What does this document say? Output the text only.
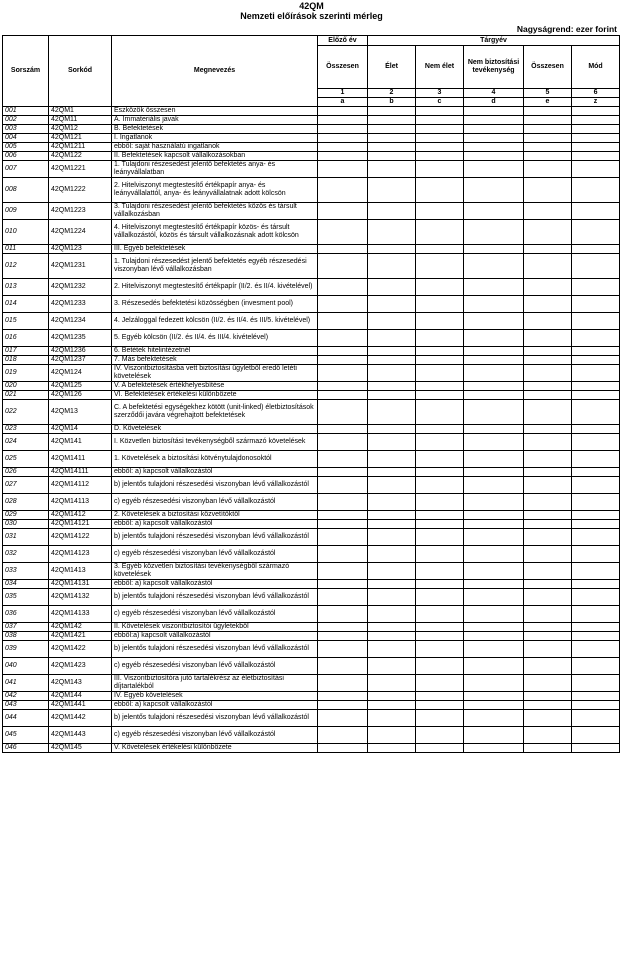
42QM
Nemzeti előírások szerinti mérleg
Nagyságrend: ezer forint
Sorszám	Sorkód	Megnevezés	Előző év	Tárgyév				
			Összesen	Élet	Nem élet	Nem biztosítási tevékenység	Összesen	Mód
			1	2	3	4	5	6
			a	b	c	d	e	z
001	42QM1	Eszközök összesen						
002	42QM11	A. Immateriális javak						
003	42QM12	B. Befektetések						
004	42QM121	I. Ingatlanok						
005	42QM1211	ebből: saját használatú ingatlanok						
006	42QM122	II. Befektetések kapcsolt vállalkozásokban						
007	42QM1221	1. Tulajdoni részesedést jelentő befektetés anya- és leányvállalatban						
008	42QM1222	2. Hitelviszonyt megtestesítő értékpapír anya- és leányvállalattól, anya- és leányvállalatnak adott kölcsön						
009	42QM1223	3. Tulajdoni részesedést jelentő befektetés közös és társult vállalkozásban						
010	42QM1224	4. Hitelviszonyt megtestesítő értékpapír közös- és társult vállalkozástól, közös és társult vállalkozásnak adott kölcsön						
011	42QM123	III. Egyéb befektetések						
012	42QM1231	1. Tulajdoni részesedést jelentő befektetés egyéb részesedési viszonyban lévő vállalkozásban						
013	42QM1232	2. Hitelviszonyt megtestesítő értékpapír (II/2. és II/4. kivételével)						
014	42QM1233	3. Részesedés befektetési közösségben (invesment pool)						
015	42QM1234	4. Jelzáloggal fedezett kölcsön (II/2. és II/4. és III/5. kivételével)						
016	42QM1235	5. Egyéb kölcsön (II/2. és II/4. és III/4. kivételével)						
017	42QM1236	6. Betétek hitelintézetnél						
018	42QM1237	7. Más befektetések						
019	42QM124	IV. Viszontbiztosításba vett biztosítási ügyletből eredő letéti követelések						
020	42QM125	V. A befektetések értékhelyesbítése						
021	42QM126	VI. Befektetések értékelési különbözete						
022	42QM13	C. A befektetési egységekhez kötött (unit-linked) életbiztosítások szerződői javára végrehajtott befektetések						
023	42QM14	D. Követelések						
024	42QM141	I. Közvetlen biztosítási tevékenységből származó követelések						
025	42QM1411	1. Követelések a biztosítási kötvénytulajdonosoktól						
026	42QM14111	ebből: a) kapcsolt vállalkozástól						
027	42QM14112	b) jelentős tulajdoni részesedési viszonyban lévő vállalkozástól						
028	42QM14113	c) egyéb részesedési viszonyban lévő vállalkozástól						
029	42QM1412	2. Követelések a biztosítási közvetítőktől						
030	42QM14121	ebből: a) kapcsolt vállalkozástól						
031	42QM14122	b) jelentős tulajdoni részesedési viszonyban lévő vállalkozástól						
032	42QM14123	c) egyéb részesedési viszonyban lévő vállalkozástól						
033	42QM1413	3. Egyéb közvetlen biztosítási tevékenységből származó követelések						
034	42QM14131	ebből: a) kapcsolt vállalkozástól						
035	42QM14132	b) jelentős tulajdoni részesedési viszonyban lévő vállalkozástól						
036	42QM14133	c) egyéb részesedési viszonyban lévő vállalkozástól						
037	42QM142	II. Követelések viszontbiztosítói ügyletekből						
038	42QM1421	ebből:a) kapcsolt vállalkozástól						
039	42QM1422	b) jelentős tulajdoni részesedési viszonyban lévő vállalkozástól						
040	42QM1423	c) egyéb részesedési viszonyban lévő vállalkozástól						
041	42QM143	III. Viszontbiztosítóra jutó tartalékrész az életbiztosítási díjtartalékból						
042	42QM144	IV. Egyéb követelések						
043	42QM1441	ebből: a) kapcsolt vállalkozástól						
044	42QM1442	b) jelentős tulajdoni részesedési viszonyban lévő vállalkozástól						
045	42QM1443	c) egyéb részesedési viszonyban lévő vállalkozástól						
046	42QM145	V. Követelések értékelési különbözete						
